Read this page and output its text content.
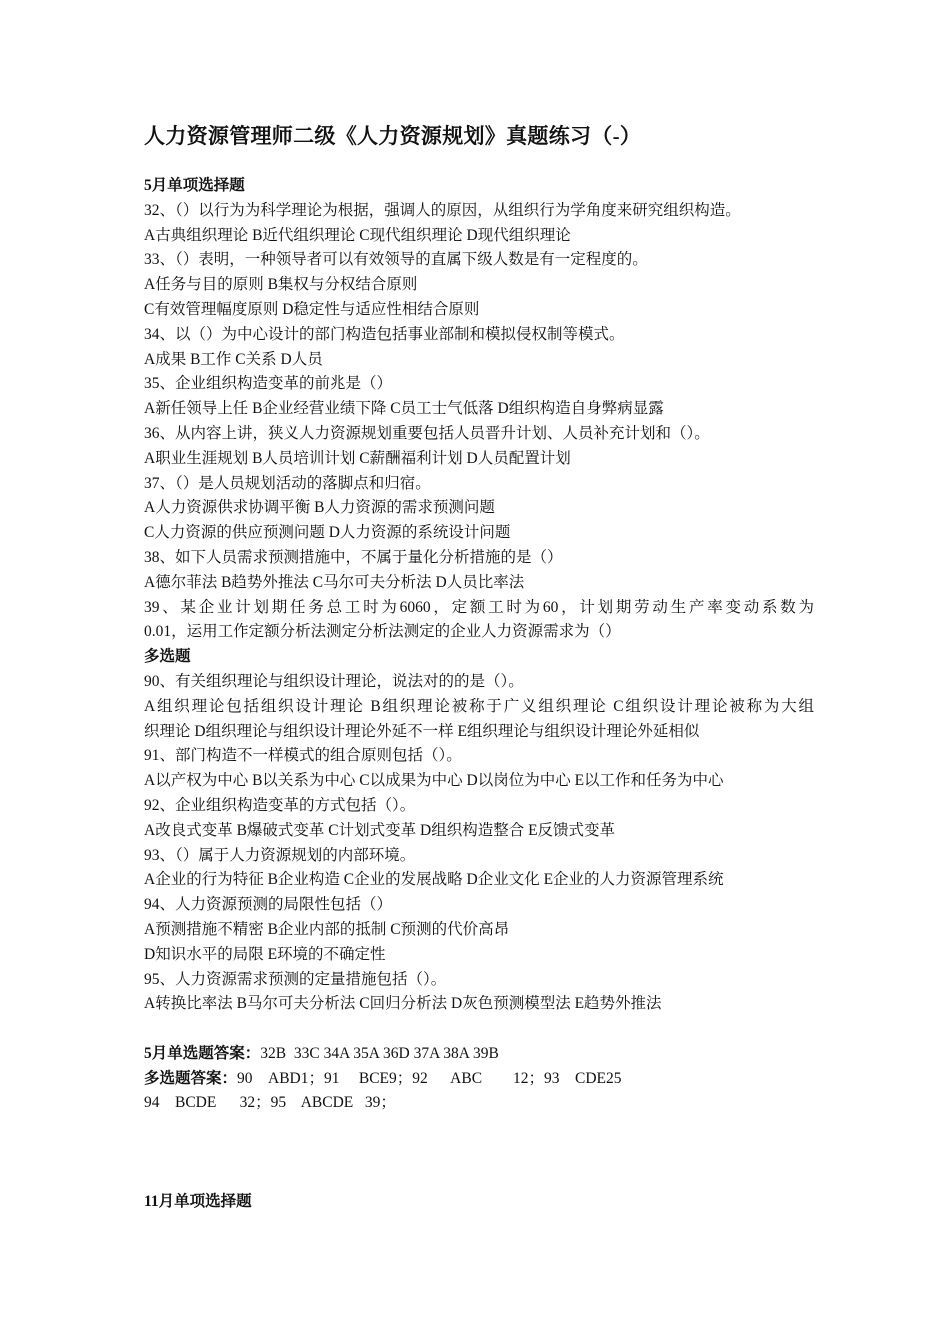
人力资源管理师二级《人力资源规划》真题练习（-）
5月单项选择题
32、（）以行为为科学理论为根据，强调人的原因，从组织行为学角度来研究组织构造。
A古典组织理论 B近代组织理论 C现代组织理论 D现代组织理论
33、（）表明，一种领导者可以有效领导的直属下级人数是有一定程度的。
A任务与目的原则 B集权与分权结合原则
C有效管理幅度原则 D稳定性与适应性相结合原则
34、以（）为中心设计的部门构造包括事业部制和模拟侵权制等模式。
A成果 B工作 C关系 D人员
35、企业组织构造变革的前兆是（）
A新任领导上任 B企业经营业绩下降 C员工士气低落 D组织构造自身弊病显露
36、从内容上讲，狭义人力资源规划重要包括人员晋升计划、人员补充计划和（）。
A职业生涯规划 B人员培训计划 C薪酬福利计划 D人员配置计划
37、（）是人员规划活动的落脚点和归宿。
A人力资源供求协调平衡 B人力资源的需求预测问题
C人力资源的供应预测问题 D人力资源的系统设计问题
38、如下人员需求预测措施中，不属于量化分析措施的是（）
A德尔菲法 B趋势外推法 C马尔可夫分析法 D人员比率法
39、某企业计划期任务总工时为6060，定额工时为60，计划期劳动生产率变动系数为
0.01，运用工作定额分析法测定分析法测定的企业人力资源需求为（）
多选题
90、有关组织理论与组织设计理论，说法对的的是（）。
A组织理论包括组织设计理论 B组织理论被称于广义组织理论 C组织设计理论被称为大组
织理论 D组织理论与组织设计理论外延不一样 E组织理论与组织设计理论外延相似
91、部门构造不一样模式的组合原则包括（）。
A以产权为中心 B以关系为中心 C以成果为中心 D以岗位为中心 E以工作和任务为中心
92、企业组织构造变革的方式包括（）。
A改良式变革 B爆破式变革 C计划式变革 D组织构造整合 E反馈式变革
93、（）属于人力资源规划的内部环境。
A企业的行为特征 B企业构造 C企业的发展战略 D企业文化 E企业的人力资源管理系统
94、人力资源预测的局限性包括（）
A预测措施不精密 B企业内部的抵制 C预测的代价高昂
D知识水平的局限 E环境的不确定性
95、人力资源需求预测的定量措施包括（）。
A转换比率法 B马尔可夫分析法 C回归分析法 D灰色预测模型法 E趋势外推法
5月单选题答案：32B  33C 34A 35A 36D 37A 38A 39B
多选题答案：90    ABD1；91     BCE9；92      ABC        12；93    CDE25
94    BCDE      32；95    ABCDE   39；
11月单项选择题
